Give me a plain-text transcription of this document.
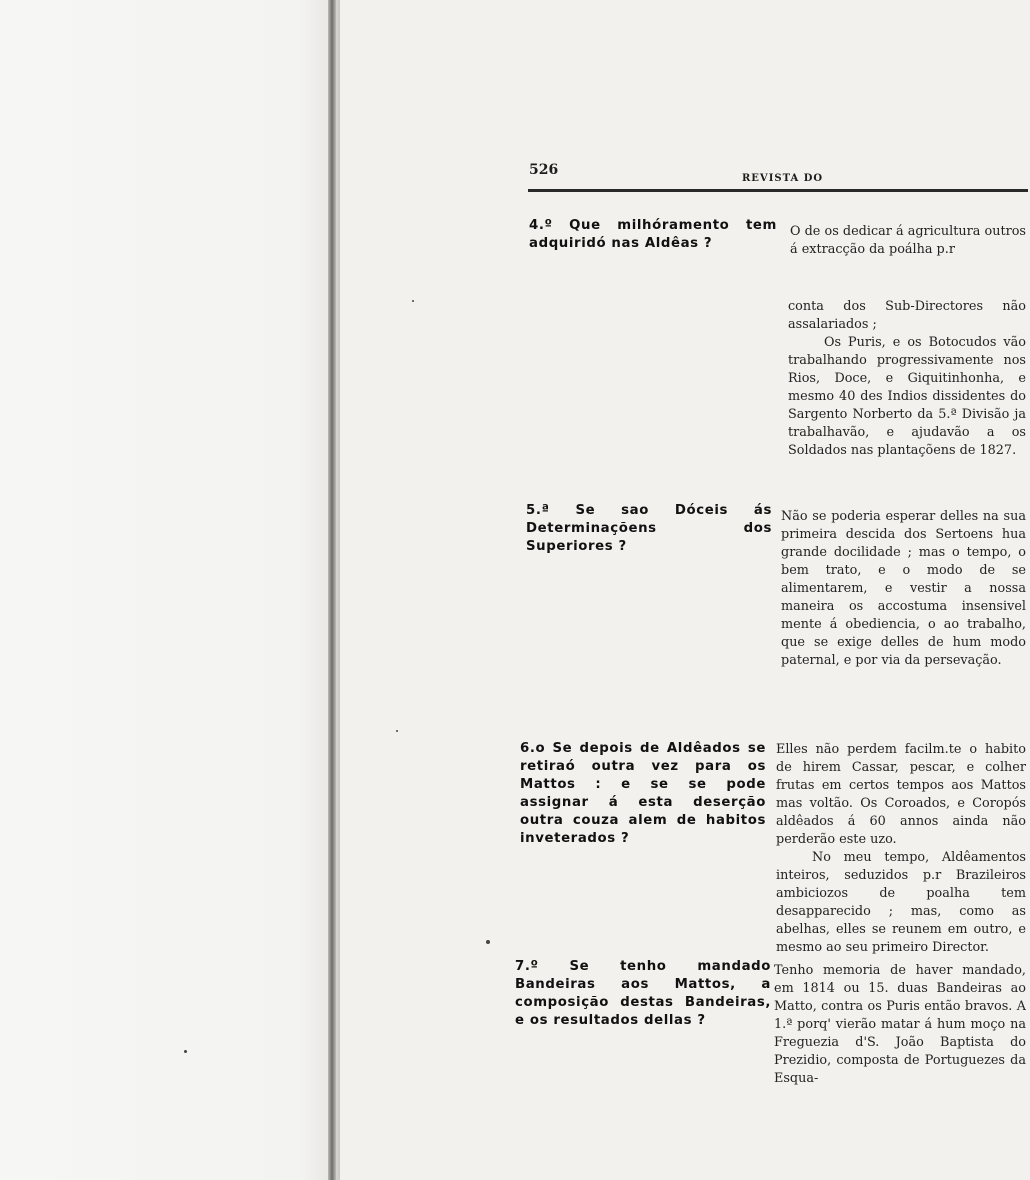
526
REVISTA DO
4.º Que milhóramento tem adquiridó nas Aldêas ?

O de os dedicar á agricultura outros á extracção da poálha p.r

conta dos Sub-Directores não assalariados ;

Os Puris, e os Botocudos vão trabalhando progressivamente nos Rios, Doce, e Giquitinhonha, e mesmo 40 des Indios dissidentes do Sargento Norberto da 5.ª Divisão ja trabalhavão, e ajudavão a os Soldados nas plantaçõens de 1827.

5.ª Se sao Dóceis ás Determinaçõens dos Superiores ?

Não se poderia esperar delles na sua primeira descida dos Sertoens hua grande docilidade ; mas o tempo, o bem trato, e o modo de se alimentarem, e vestir a nossa maneira os accostuma insensivel mente á obediencia, o ao trabalho, que se exige delles de hum modo paternal, e por via da persevação.

6.o Se depois de Aldêados se retiraó outra vez para os Mattos : e se se pode assignar á esta deserção outra couza alem de habitos inveterados ?

Elles não perdem facilm.te o habito de hirem Cassar, pescar, e colher frutas em certos tempos aos Mattos mas voltão. Os Coroados, e Coropós aldêados á 60 annos ainda não perderão este uzo.

No meu tempo, Aldêamentos inteiros, seduzidos p.r Brazileiros ambiciozos de poalha tem desapparecido ; mas, como as abelhas, elles se reunem em outro, e mesmo ao seu primeiro Director.

7.º Se tenho mandado Bandeiras aos Mattos, a composição destas Bandeiras, e os resultados dellas ?

Tenho memoria de haver mandado, em 1814 ou 15. duas Bandeiras ao Matto, contra os Puris então bravos. A 1.ª porq' vierão matar á hum moço na Freguezia d'S. João Baptista do Prezidio, composta de Portuguezes da Esqua-
